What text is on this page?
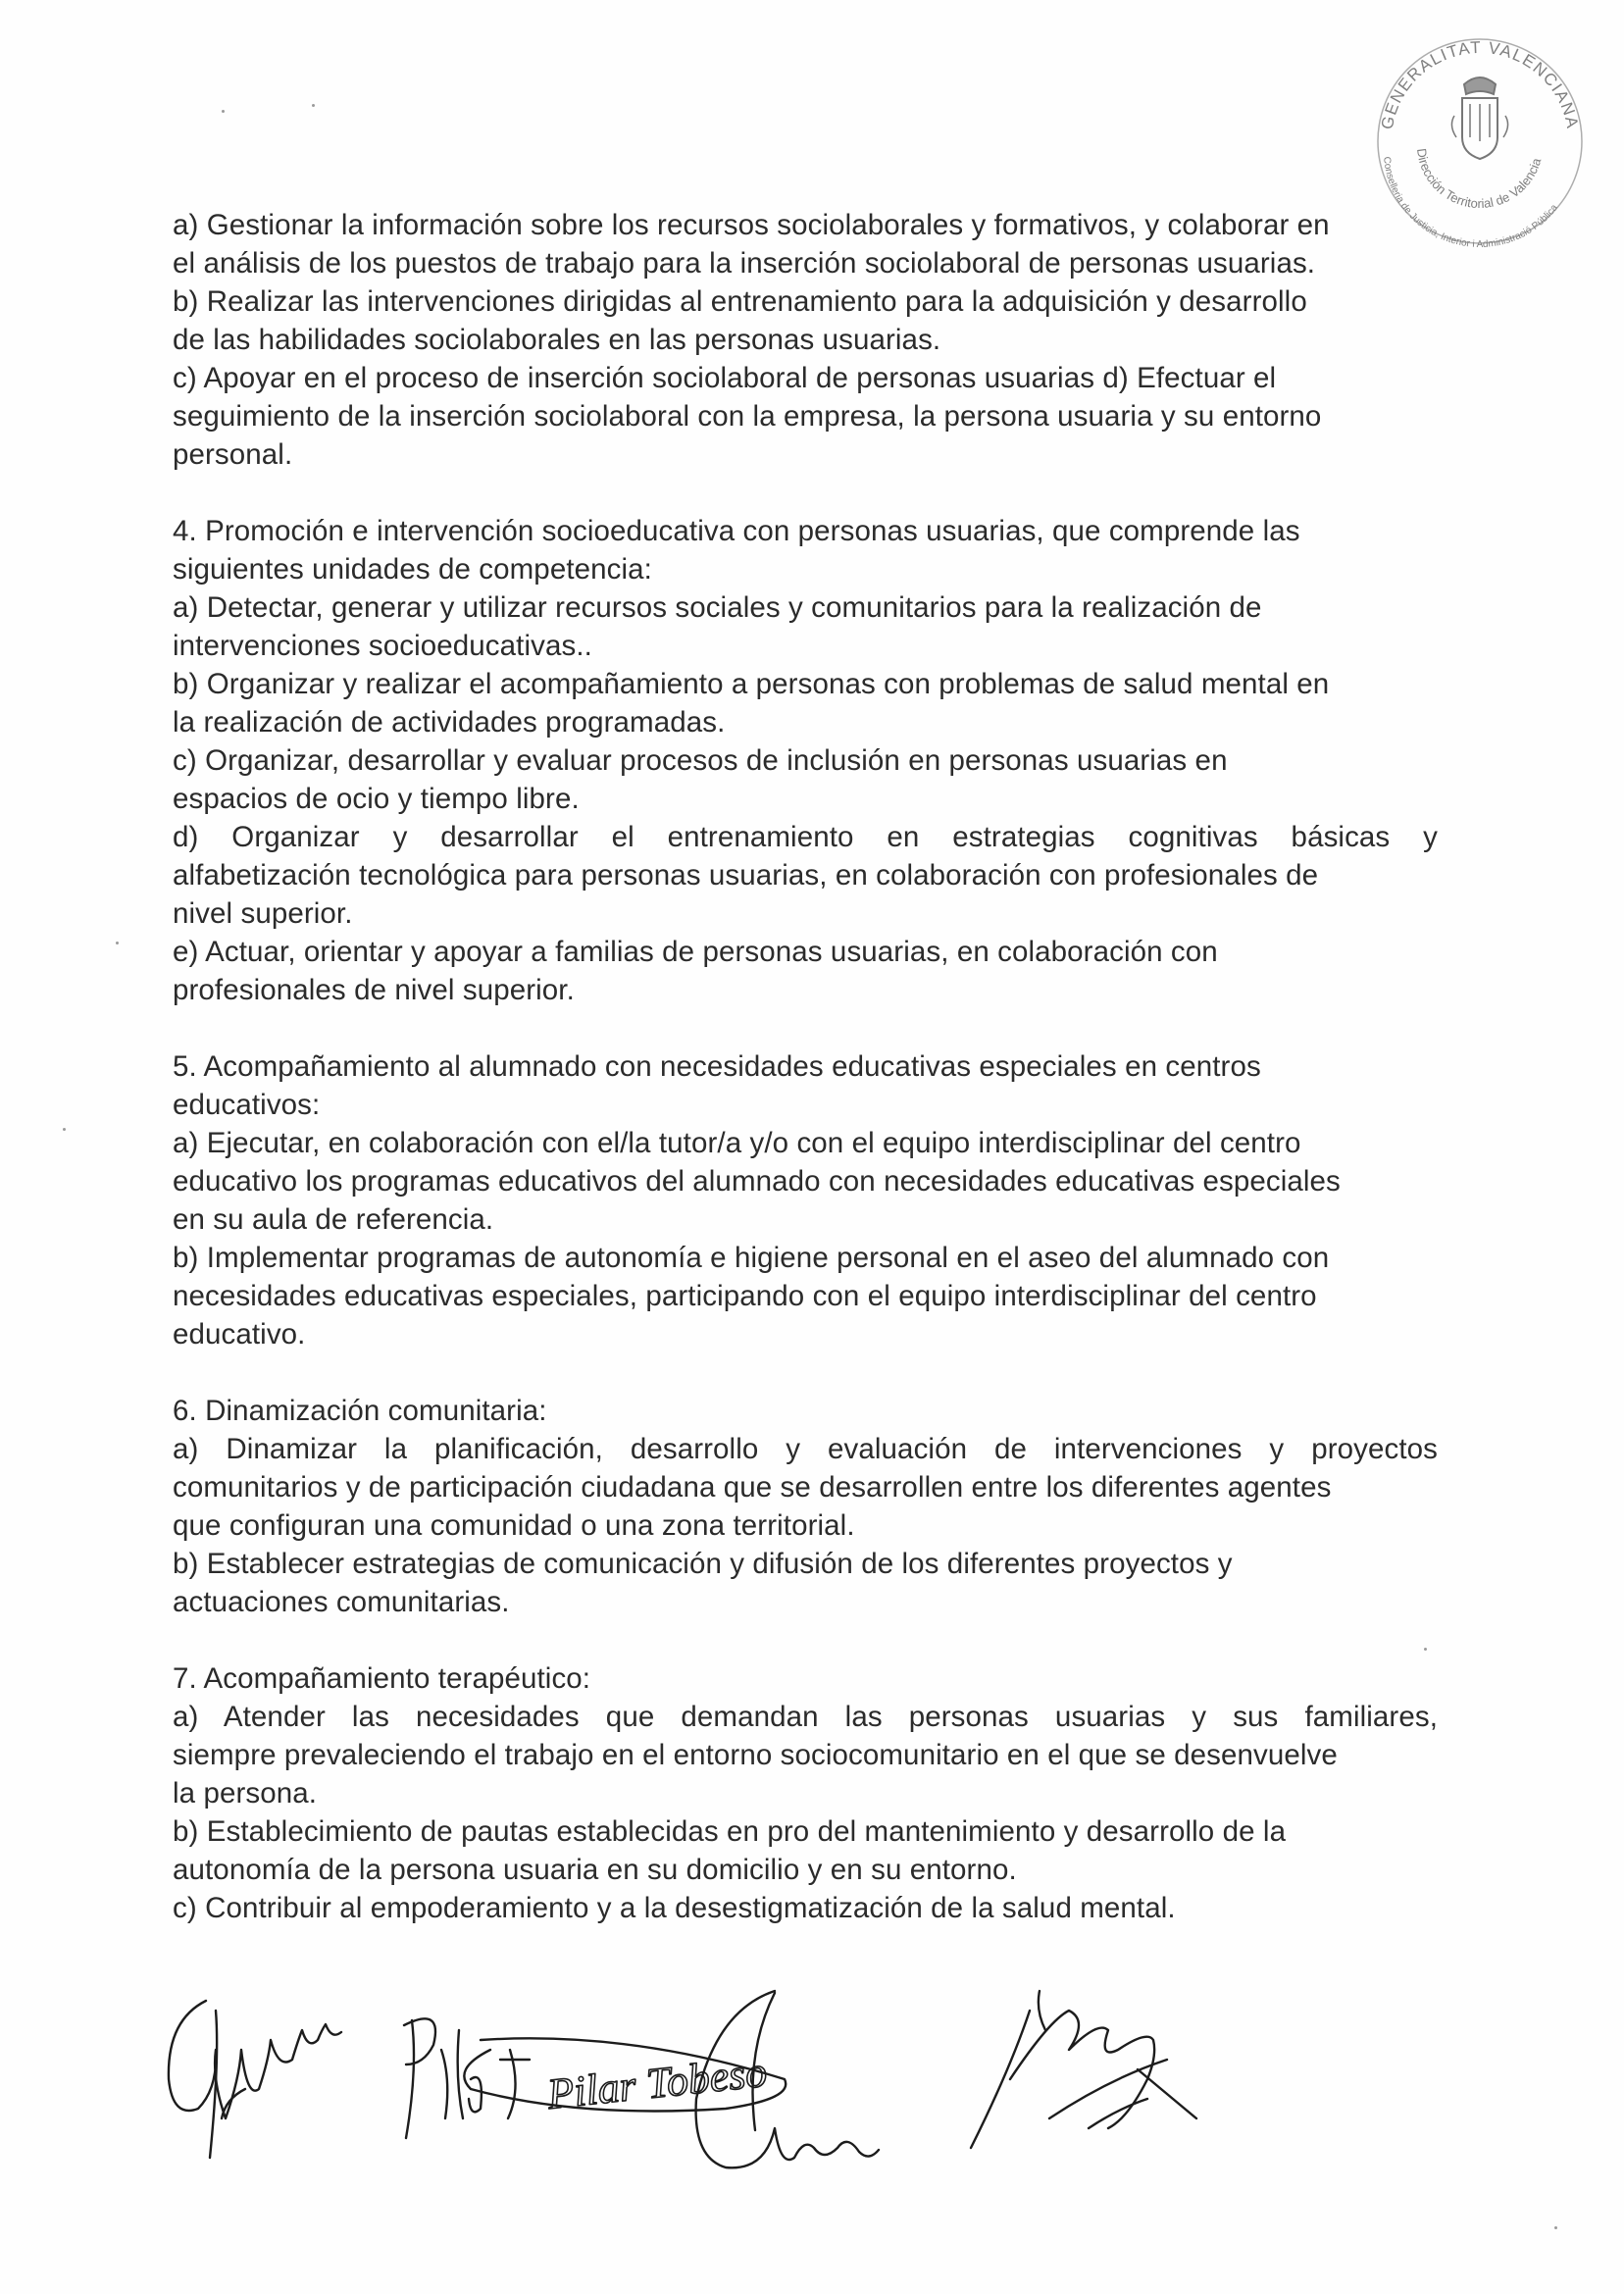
GENERALITAT VALENCIANA
Dirección Territorial de Valencia
Conselleria de Justicia, Interior i Administració Pública
a) Gestionar la información sobre los recursos sociolaborales y formativos, y colaborar en
el análisis de los puestos de trabajo para la inserción sociolaboral de personas usuarias.
b) Realizar las intervenciones dirigidas al entrenamiento para la adquisición y desarrollo
de las habilidades sociolaborales en las personas usuarias.
c) Apoyar en el proceso de inserción sociolaboral de personas usuarias d) Efectuar el
seguimiento de la inserción sociolaboral con la empresa, la persona usuaria y su entorno
personal.
4. Promoción e intervención socioeducativa con personas usuarias, que comprende las
siguientes unidades de competencia:
a) Detectar, generar y utilizar recursos sociales y comunitarios para la realización de
intervenciones socioeducativas..
b) Organizar y realizar el acompañamiento a personas con problemas de salud mental en
la realización de actividades programadas.
c) Organizar, desarrollar y evaluar procesos de inclusión en personas usuarias en
espacios de ocio y tiempo libre.
d) Organizar y desarrollar el entrenamiento en estrategias cognitivas básicas y
alfabetización tecnológica para personas usuarias, en colaboración con profesionales de
nivel superior.
e) Actuar, orientar y apoyar a familias de personas usuarias, en colaboración con
profesionales de nivel superior.
5. Acompañamiento al alumnado con necesidades educativas especiales en centros
educativos:
a) Ejecutar, en colaboración con el/la tutor/a y/o con el equipo interdisciplinar del centro
educativo los programas educativos del alumnado con necesidades educativas especiales
en su aula de referencia.
b) Implementar programas de autonomía e higiene personal en el aseo del alumnado con
necesidades educativas especiales, participando con el equipo interdisciplinar del centro
educativo.
6. Dinamización comunitaria:
a) Dinamizar la planificación, desarrollo y evaluación de intervenciones y proyectos
comunitarios y de participación ciudadana que se desarrollen entre los diferentes agentes
que configuran una comunidad o una zona territorial.
b) Establecer estrategias de comunicación y difusión de los diferentes proyectos y
actuaciones comunitarias.
7. Acompañamiento terapéutico:
a) Atender las necesidades que demandan las personas usuarias y sus familiares,
siempre prevaleciendo el trabajo en el entorno sociocomunitario en el que se desenvuelve
la persona.
b) Establecimiento de pautas establecidas en pro del mantenimiento y desarrollo de la
autonomía de la persona usuaria en su domicilio y en su entorno.
c) Contribuir al empoderamiento y a la desestigmatización de la salud mental.
Pilar Tobeso
